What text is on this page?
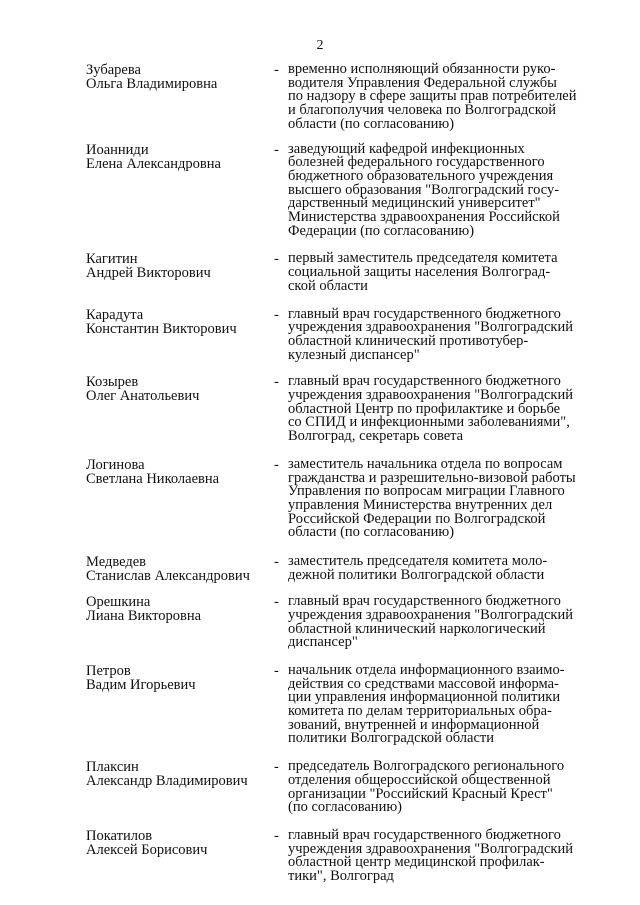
2
Зубарева
Ольга Владимировна
- временно исполняющий обязанности руко-
водителя Управления Федеральной службы
по надзору в сфере защиты прав потребителей
и благополучия человека по Волгоградской
области (по согласованию)
Иоанниди
Елена Александровна
- заведующий кафедрой инфекционных
болезней федерального государственного
бюджетного образовательного учреждения
высшего образования "Волгоградский госу-
дарственный медицинский университет"
Министерства здравоохранения Российской
Федерации (по согласованию)
Кагитин
Андрей Викторович
- первый заместитель председателя комитета
социальной защиты населения Волгоград-
ской области
Карадута
Константин Викторович
- главный врач государственного бюджетного
учреждения здравоохранения "Волгоградский
областной клинический противотубер-
кулезный диспансер"
Козырев
Олег Анатольевич
- главный врач государственного бюджетного
учреждения здравоохранения "Волгоградский
областной Центр по профилактике и борьбе
со СПИД и инфекционными заболеваниями",
Волгоград, секретарь совета
Логинова
Светлана Николаевна
- заместитель начальника отдела по вопросам
гражданства и разрешительно-визовой работы
Управления по вопросам миграции Главного
управления Министерства внутренних дел
Российской Федерации по Волгоградской
области (по согласованию)
Медведев
Станислав Александрович
- заместитель председателя комитета моло-
дежной политики Волгоградской области
Орешкина
Лиана Викторовна
- главный врач государственного бюджетного
учреждения здравоохранения "Волгоградский
областной клинический наркологический
диспансер"
Петров
Вадим Игорьевич
- начальник отдела информационного взаимо-
действия со средствами массовой информа-
ции управления информационной политики
комитета по делам территориальных обра-
зований, внутренней и информационной
политики Волгоградской области
Плаксин
Александр Владимирович
- председатель Волгоградского регионального
отделения общероссийской общественной
организации "Российский Красный Крест"
(по согласованию)
Покатилов
Алексей Борисович
- главный врач государственного бюджетного
учреждения здравоохранения "Волгоградский
областной центр медицинской профилак-
тики", Волгоград
